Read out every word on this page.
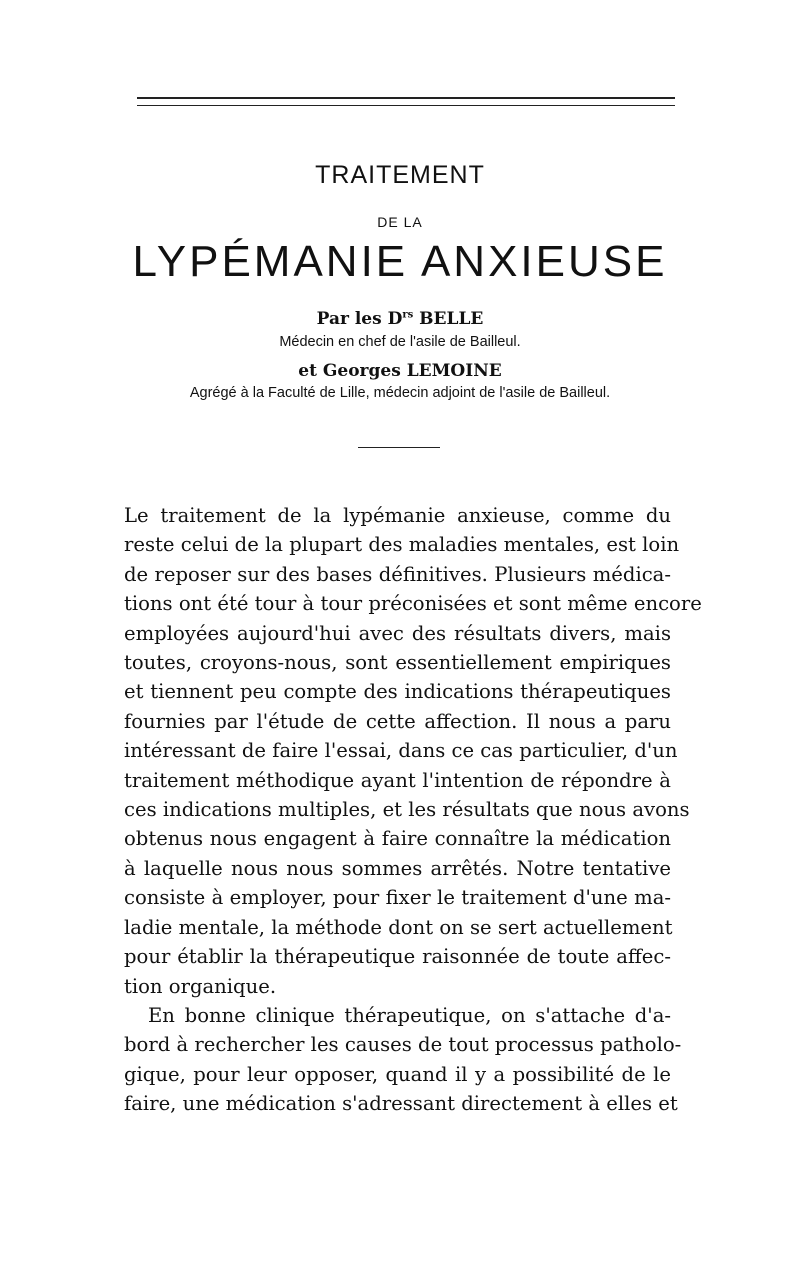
TRAITEMENT
DE LA
LYPÉMANIE ANXIEUSE
Par les $D^{rs}$ BELLE
Médecin en chef de l'asile de Bailleul.
et Georges LEMOINE
Agrégé à la Faculté de Lille, médecin adjoint de l'asile de Bailleul.
Le traitement de la lypémanie anxieuse, comme du
reste celui de la plupart des maladies mentales, est loin
de reposer sur des bases définitives. Plusieurs médica-
tions ont été tour à tour préconisées et sont même encore
employées aujourd'hui avec des résultats divers, mais
toutes, croyons-nous, sont essentiellement empiriques
et tiennent peu compte des indications thérapeutiques
fournies par l'étude de cette affection. Il nous a paru
intéressant de faire l'essai, dans ce cas particulier, d'un
traitement méthodique ayant l'intention de répondre à
ces indications multiples, et les résultats que nous avons
obtenus nous engagent à faire connaître la médication
à laquelle nous nous sommes arrêtés. Notre tentative
consiste à employer, pour fixer le traitement d'une ma-
ladie mentale, la méthode dont on se sert actuellement
pour établir la thérapeutique raisonnée de toute affec-
tion organique.
En bonne clinique thérapeutique, on s'attache d'a-
bord à rechercher les causes de tout processus patholo-
gique, pour leur opposer, quand il y a possibilité de le
faire, une médication s'adressant directement à elles et
